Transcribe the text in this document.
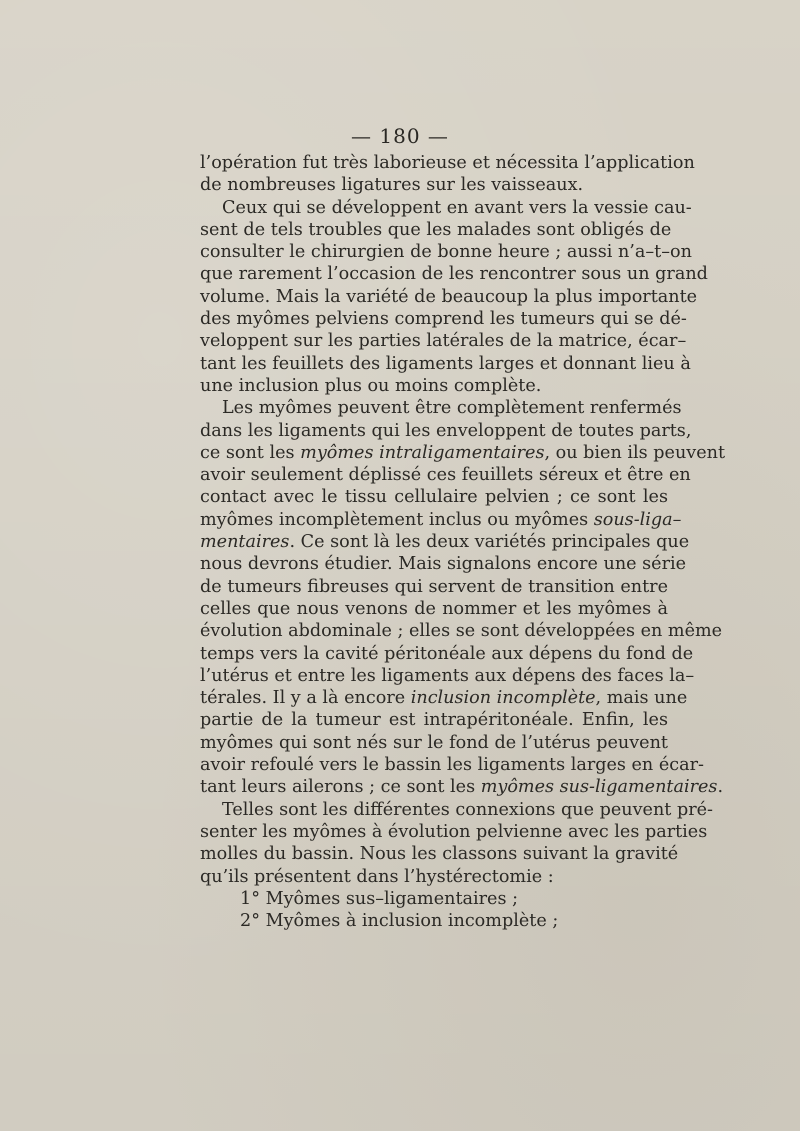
— 180 —
l’opération fut très laborieuse et nécessita l’application
de nombreuses ligatures sur les vaisseaux.
Ceux qui se développent en avant vers la vessie cau-
sent de tels troubles que les malades sont obligés de
consulter le chirurgien de bonne heure ; aussi n’a–t–on
que rarement l’occasion de les rencontrer sous un grand
volume. Mais la variété de beaucoup la plus importante
des myômes pelviens comprend les tumeurs qui se dé-
veloppent sur les parties latérales de la matrice, écar–
tant les feuillets des ligaments larges et donnant lieu à
une inclusion plus ou moins complète.
Les myômes peuvent être complètement renfermés
dans les ligaments qui les enveloppent de toutes parts,
ce sont les myômes intraligamentaires, ou bien ils peuvent
avoir seulement déplissé ces feuillets séreux et être en
contact avec le tissu cellulaire pelvien ; ce sont les
myômes incomplètement inclus ou myômes sous-liga–
mentaires. Ce sont là les deux variétés principales que
nous devrons étudier. Mais signalons encore une série
de tumeurs fibreuses qui servent de transition entre
celles que nous venons de nommer et les myômes à
évolution abdominale ; elles se sont développées en même
temps vers la cavité péritonéale aux dépens du fond de
l’utérus et entre les ligaments aux dépens des faces la–
térales. Il y a là encore inclusion incomplète, mais une
partie de la tumeur est intrapéritonéale. Enfin, les
myômes qui sont nés sur le fond de l’utérus peuvent
avoir refoulé vers le bassin les ligaments larges en écar-
tant leurs ailerons ; ce sont les myômes sus-ligamentaires.
Telles sont les différentes connexions que peuvent pré-
senter les myômes à évolution pelvienne avec les parties
molles du bassin. Nous les classons suivant la gravité
qu’ils présentent dans l’hystérectomie :
1° Myômes sus–ligamentaires ;
2° Myômes à inclusion incomplète ;
